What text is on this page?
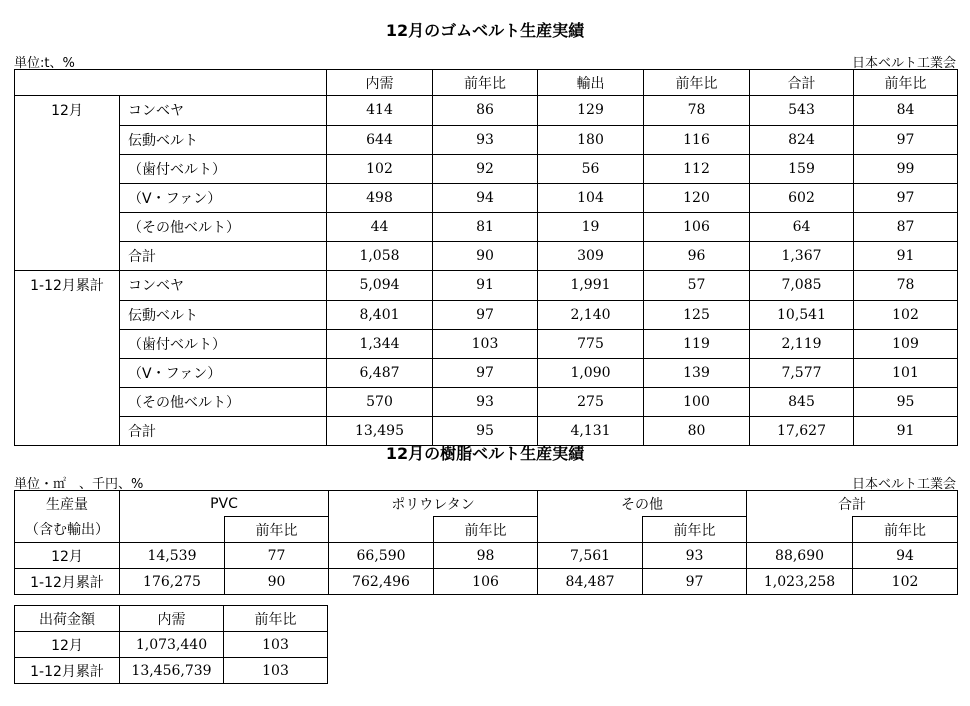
12月のゴムベルト生産実績
単位:t、%	日本ベルト工業会
		内需	前年比	輸出	前年比	合計	前年比
12月	コンベヤ	414	86	129	78	543	84
	伝動ベルト	644	93	180	116	824	97
	（歯付ベルト）	102	92	56	112	159	99
	（V・ファン）	498	94	104	120	602	97
	（その他ベルト）	44	81	19	106	64	87
	合計	1,058	90	309	96	1,367	91
1-12月累計	コンベヤ	5,094	91	1,991	57	7,085	78
	伝動ベルト	8,401	97	2,140	125	10,541	102
	（歯付ベルト）	1,344	103	775	119	2,119	109
	（V・ファン）	6,487	97	1,090	139	7,577	101
	（その他ベルト）	570	93	275	100	845	95
	合計	13,495	95	4,131	80	17,627	91
12月の樹脂ベルト生産実績
単位・㎡　、千円、%	日本ベルト工業会
生産量	PVC		ポリウレタン		その他		合計	
（含む輸出）		前年比		前年比		前年比		前年比
12月	14,539	77	66,590	98	7,561	93	88,690	94
1-12月累計	176,275	90	762,496	106	84,487	97	1,023,258	102
出荷金額	内需	前年比
12月	1,073,440	103
1-12月累計	13,456,739	103
